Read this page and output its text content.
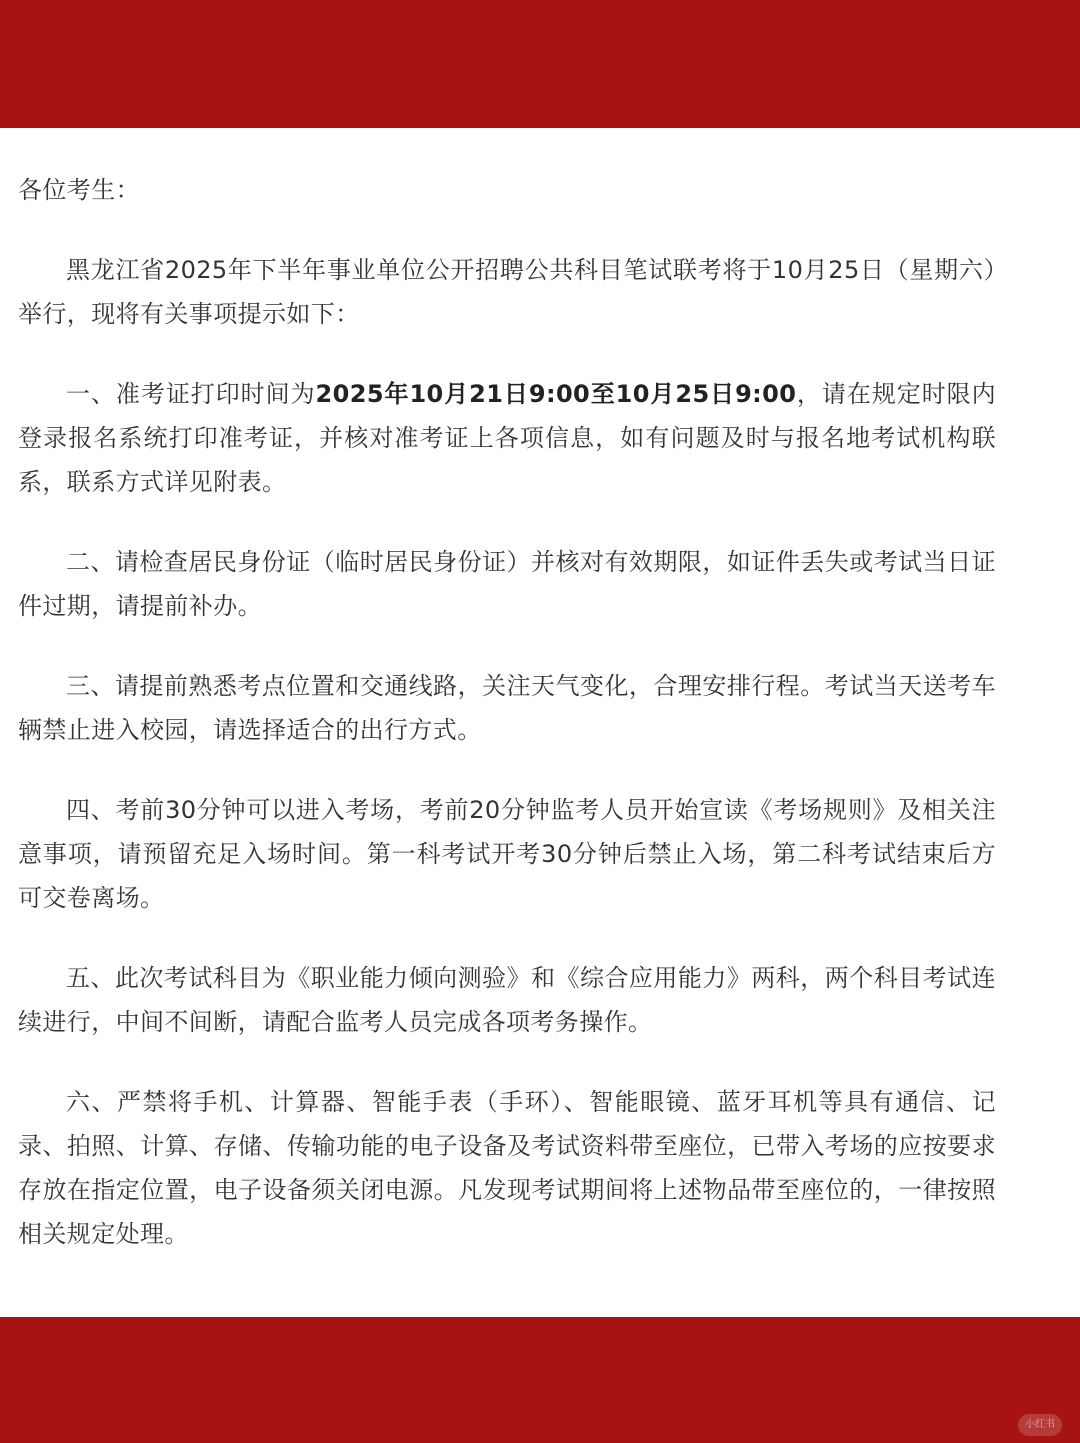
各位考生：

黑龙江省2025年下半年事业单位公开招聘公共科目笔试联考将于10月25日（星期六）举行，现将有关事项提示如下：

一、准考证打印时间为2025年10月21日9:00至10月25日9:00，请在规定时限内登录报名系统打印准考证，并核对准考证上各项信息，如有问题及时与报名地考试机构联系，联系方式详见附表。

二、请检查居民身份证（临时居民身份证）并核对有效期限，如证件丢失或考试当日证件过期，请提前补办。

三、请提前熟悉考点位置和交通线路，关注天气变化，合理安排行程。考试当天送考车辆禁止进入校园，请选择适合的出行方式。

四、考前30分钟可以进入考场，考前20分钟监考人员开始宣读《考场规则》及相关注意事项，请预留充足入场时间。第一科考试开考30分钟后禁止入场，第二科考试结束后方可交卷离场。

五、此次考试科目为《职业能力倾向测验》和《综合应用能力》两科，两个科目考试连续进行，中间不间断，请配合监考人员完成各项考务操作。

六、严禁将手机、计算器、智能手表（手环）、智能眼镜、蓝牙耳机等具有通信、记录、拍照、计算、存储、传输功能的电子设备及考试资料带至座位，已带入考场的应按要求存放在指定位置，电子设备须关闭电源。凡发现考试期间将上述物品带至座位的，一律按照相关规定处理。

小红书
